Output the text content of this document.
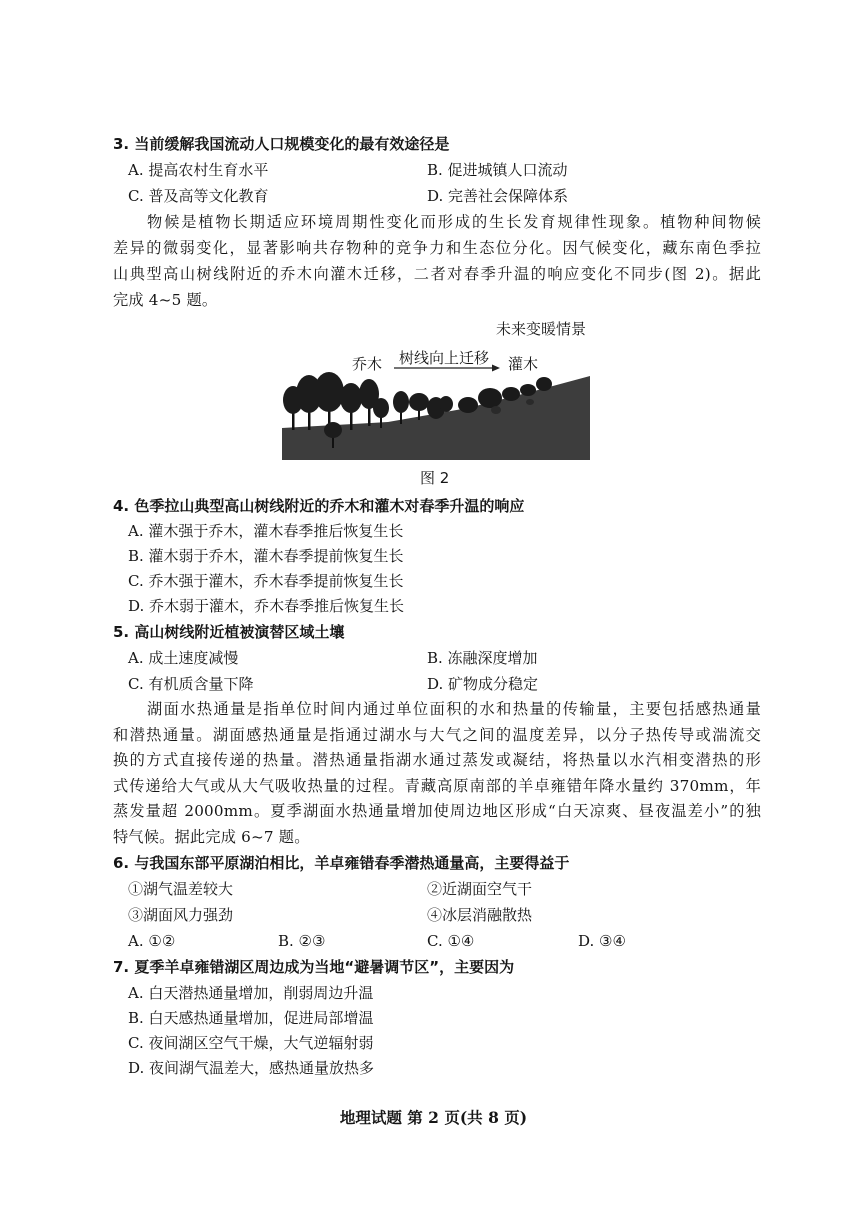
3. 当前缓解我国流动人口规模变化的最有效途径是
A. 提高农村生育水平	B. 促进城镇人口流动
C. 普及高等文化教育	D. 完善社会保障体系
物候是植物长期适应环境周期性变化而形成的生长发育规律性现象。植物种间物候
差异的微弱变化，显著影响共存物种的竞争力和生态位分化。因气候变化，藏东南色季拉
山典型高山树线附近的乔木向灌木迁移，二者对春季升温的响应变化不同步(图 2)。据此
完成 4~5 题。
未来变暖情景
乔木 树线向上迁移 灌木
图 2
4. 色季拉山典型高山树线附近的乔木和灌木对春季升温的响应
A. 灌木强于乔木，灌木春季推后恢复生长
B. 灌木弱于乔木，灌木春季提前恢复生长
C. 乔木强于灌木，乔木春季提前恢复生长
D. 乔木弱于灌木，乔木春季推后恢复生长
5. 高山树线附近植被演替区域土壤
A. 成土速度减慢	B. 冻融深度增加
C. 有机质含量下降	D. 矿物成分稳定
湖面水热通量是指单位时间内通过单位面积的水和热量的传输量，主要包括感热通量
和潜热通量。湖面感热通量是指通过湖水与大气之间的温度差异，以分子热传导或湍流交
换的方式直接传递的热量。潜热通量指湖水通过蒸发或凝结，将热量以水汽相变潜热的形
式传递给大气或从大气吸收热量的过程。青藏高原南部的羊卓雍错年降水量约 370mm，年
蒸发量超 2000mm。夏季湖面水热通量增加使周边地区形成“白天凉爽、昼夜温差小”的独
特气候。据此完成 6~7 题。
6. 与我国东部平原湖泊相比，羊卓雍错春季潜热通量高，主要得益于
①湖气温差较大	②近湖面空气干
③湖面风力强劲	④冰层消融散热
A. ①②	B. ②③	C. ①④	D. ③④
7. 夏季羊卓雍错湖区周边成为当地“避暑调节区”，主要因为
A. 白天潜热通量增加，削弱周边升温
B. 白天感热通量增加，促进局部增温
C. 夜间湖区空气干燥，大气逆辐射弱
D. 夜间湖气温差大，感热通量放热多
地理试题 第 2 页(共 8 页)
